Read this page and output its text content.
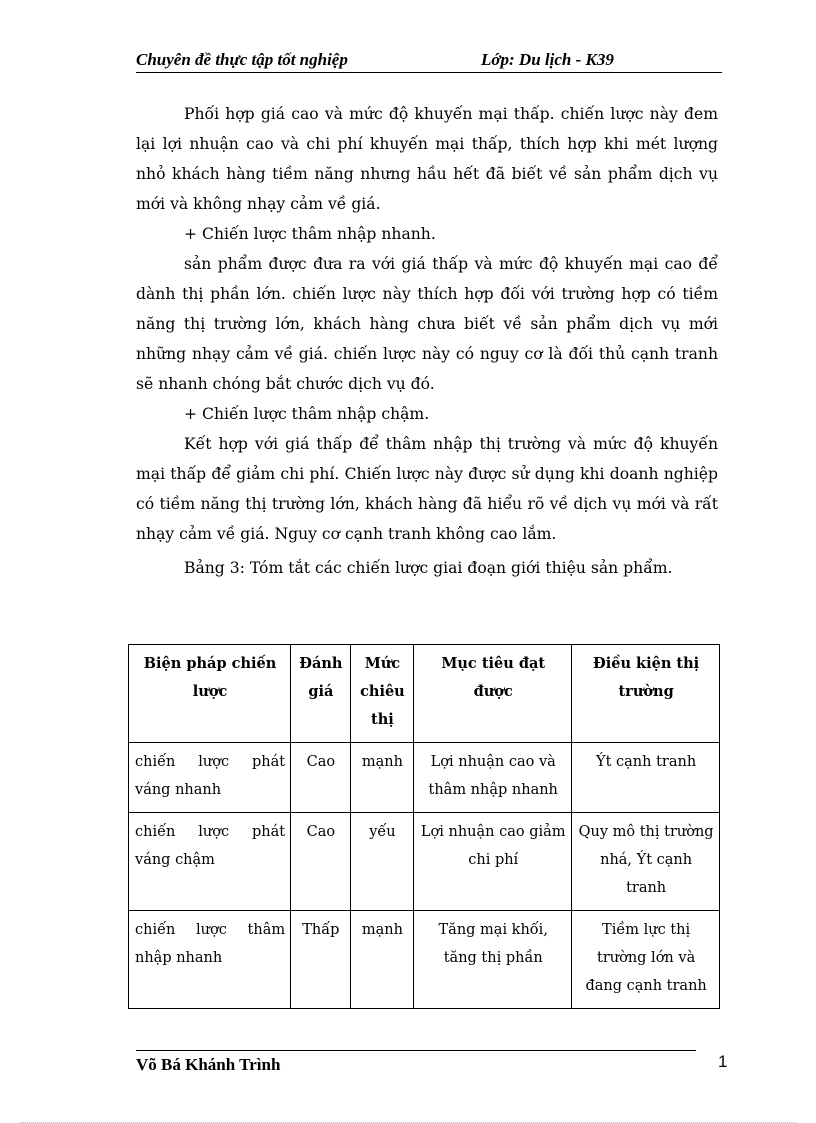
Chuyên đề thực tập tốt nghiệp	Lớp: Du lịch - K39

Phối hợp giá cao và mức độ khuyến mại thấp. chiến lược này đem lại lợi nhuận cao và chi phí khuyến mại thấp, thích hợp khi mét lượng nhỏ khách hàng tiềm năng nhưng hầu hết đã biết về sản phẩm dịch vụ mới và không nhạy cảm về giá.

+ Chiến lược thâm nhập nhanh.

sản phẩm được đưa ra với giá thấp và mức độ khuyến mại cao để dành thị phần lớn. chiến lược này thích hợp đối với trường hợp có tiềm năng thị trường lớn, khách hàng chưa biết về sản phẩm dịch vụ mới những nhạy cảm về giá. chiến lược này có nguy cơ là đối thủ cạnh tranh sẽ nhanh chóng bắt chước dịch vụ đó.

+ Chiến lược thâm nhập chậm.

Kết hợp với giá thấp để thâm nhập thị trường và mức độ khuyến mại thấp để giảm chi phí. Chiến lược này được sử dụng khi doanh nghiệp có tiềm năng thị trường lớn, khách hàng đã hiểu rõ về dịch vụ mới và rất nhạy cảm về giá. Nguy cơ cạnh tranh không cao lắm.

Bảng 3: Tóm tắt các chiến lược giai đoạn giới thiệu sản phẩm.

Biện pháp chiến lược	Đánh giá	Mức chiêu thị	Mục tiêu đạt được	Điều kiện thị trường
chiến lược phát váng nhanh	Cao	mạnh	Lợi nhuận cao và thâm nhập nhanh	Ýt cạnh tranh
chiến lược phát váng chậm	Cao	yếu	Lợi nhuận cao giảm chi phí	Quy mô thị trường nhá, Ýt cạnh tranh
chiến lược thâm nhập nhanh	Thấp	mạnh	Tăng mại khối, tăng thị phần	Tiềm lực thị trường lớn và đang cạnh tranh
Võ Bá Khánh Trình	1
